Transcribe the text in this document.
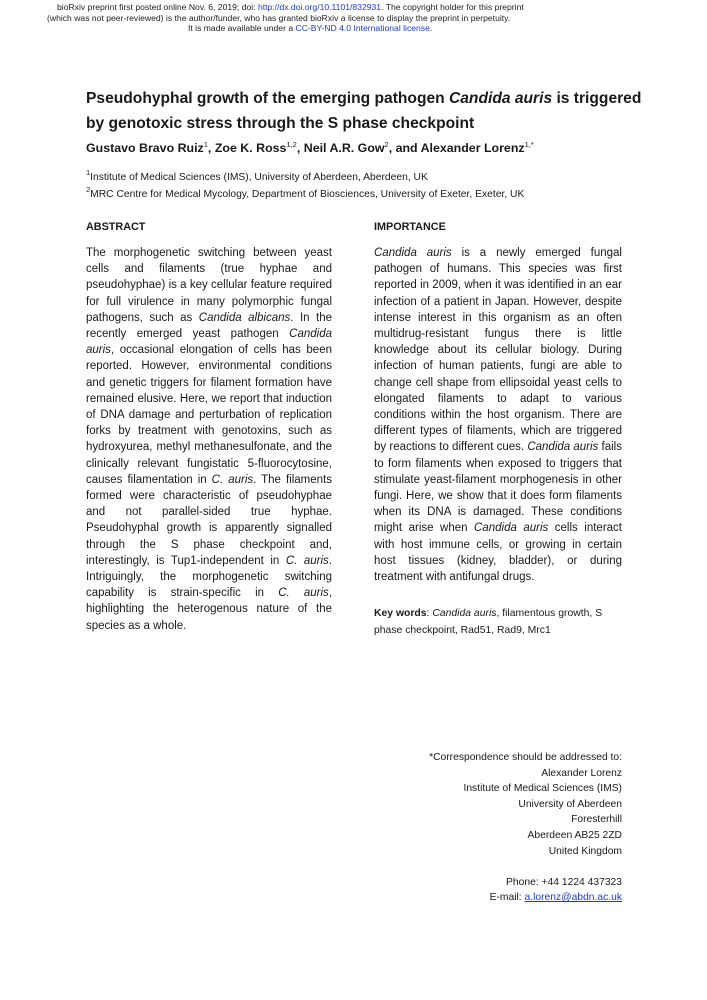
bioRxiv preprint first posted online Nov. 6, 2019; doi: http://dx.doi.org/10.1101/832931. The copyright holder for this preprint
(which was not peer-reviewed) is the author/funder, who has granted bioRxiv a license to display the preprint in perpetuity.
It is made available under a CC-BY-ND 4.0 International license.
Pseudohyphal growth of the emerging pathogen Candida auris is triggered by genotoxic stress through the S phase checkpoint
Gustavo Bravo Ruiz$^1$, Zoe K. Ross$^{1,2}$, Neil A.R. Gow$^2$, and Alexander Lorenz$^{1,*}$
$^1$Institute of Medical Sciences (IMS), University of Aberdeen, Aberdeen, UK
$^2$MRC Centre for Medical Mycology, Department of Biosciences, University of Exeter, Exeter, UK
ABSTRACT
The morphogenetic switching between yeast cells and filaments (true hyphae and pseudohyphae) is a key cellular feature required for full virulence in many polymorphic fungal pathogens, such as Candida albicans. In the recently emerged yeast pathogen Candida auris, occasional elongation of cells has been reported. However, environmental conditions and genetic triggers for filament formation have remained elusive. Here, we report that induction of DNA damage and perturbation of replication forks by treatment with genotoxins, such as hydroxyurea, methyl methanesulfonate, and the clinically relevant fungistatic 5-fluorocytosine, causes filamentation in C. auris. The filaments formed were characteristic of pseudohyphae and not parallel-sided true hyphae. Pseudohyphal growth is apparently signalled through the S phase checkpoint and, interestingly, is Tup1-independent in C. auris. Intriguingly, the morphogenetic switching capability is strain-specific in C. auris, highlighting the heterogenous nature of the species as a whole.
IMPORTANCE
Candida auris is a newly emerged fungal pathogen of humans. This species was first reported in 2009, when it was identified in an ear infection of a patient in Japan. However, despite intense interest in this organism as an often multidrug-resistant fungus there is little knowledge about its cellular biology. During infection of human patients, fungi are able to change cell shape from ellipsoidal yeast cells to elongated filaments to adapt to various conditions within the host organism. There are different types of filaments, which are triggered by reactions to different cues. Candida auris fails to form filaments when exposed to triggers that stimulate yeast-filament morphogenesis in other fungi. Here, we show that it does form filaments when its DNA is damaged. These conditions might arise when Candida auris cells interact with host immune cells, or growing in certain host tissues (kidney, bladder), or during treatment with antifungal drugs.
Key words: Candida auris, filamentous growth, S phase checkpoint, Rad51, Rad9, Mrc1
*Correspondence should be addressed to:
Alexander Lorenz
Institute of Medical Sciences (IMS)
University of Aberdeen
Foresterhill
Aberdeen AB25 2ZD
United Kingdom
Phone: +44 1224 437323
E-mail: a.lorenz@abdn.ac.uk
